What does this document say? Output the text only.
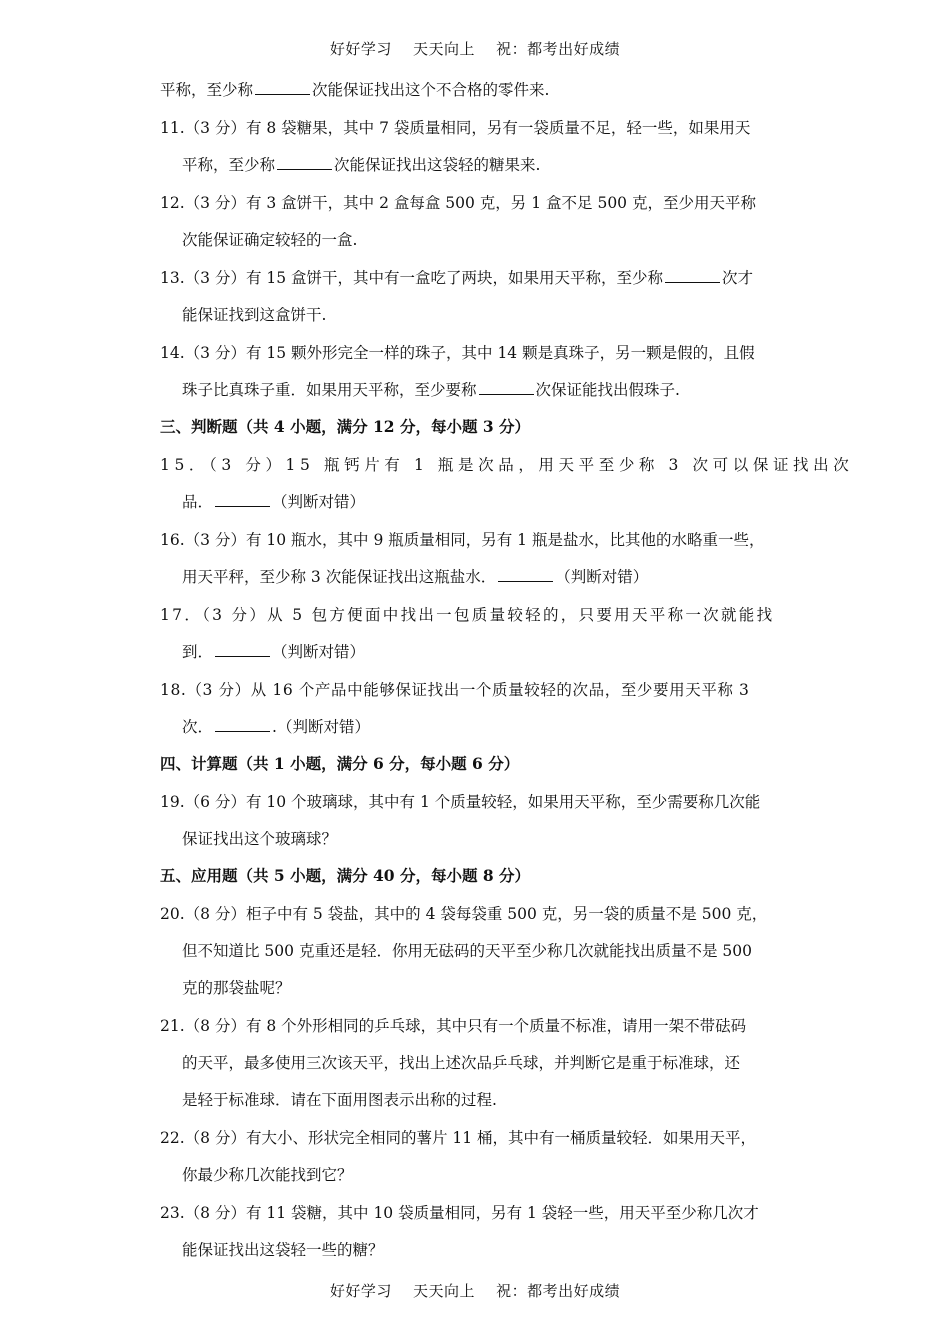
好好学习    天天向上    祝：都考出好成绩
平称，至少称	次能保证找出这个不合格的零件来.
11.（3 分）有 8 袋糖果，其中 7 袋质量相同，另有一袋质量不足，轻一些，如果用天
平称，至少称	次能保证找出这袋轻的糖果来.
12.（3 分）有 3 盒饼干，其中 2 盒每盒 500 克，另 1 盒不足 500 克，至少用天平称
次能保证确定较轻的一盒.
13.（3 分）有 15 盒饼干，其中有一盒吃了两块，如果用天平称，至少称	次才
能保证找到这盒饼干.
14.（3 分）有 15 颗外形完全一样的珠子，其中 14 颗是真珠子，另一颗是假的，且假
珠子比真珠子重．如果用天平称，至少要称	次保证能找出假珠子.
三、判断题（共 4 小题，满分 12 分，每小题 3 分）
15．（3 分）15 瓶钙片有 1 瓶是次品，用天平至少称 3 次可以保证找出次
品．	（判断对错）
16.（3 分）有 10 瓶水，其中 9 瓶质量相同，另有 1 瓶是盐水，比其他的水略重一些，
用天平秤，至少称 3 次能保证找出这瓶盐水．	（判断对错）
17．（3 分）从 5 包方便面中找出一包质量较轻的，只要用天平称一次就能找
到．	（判断对错）
18.（3 分）从 16 个产品中能够保证找出一个质量较轻的次品，至少要用天平称 3
次．	.（判断对错）
四、计算题（共 1 小题，满分 6 分，每小题 6 分）
19.（6 分）有 10 个玻璃球，其中有 1 个质量较轻，如果用天平称，至少需要称几次能
保证找出这个玻璃球？
五、应用题（共 5 小题，满分 40 分，每小题 8 分）
20.（8 分）柜子中有 5 袋盐，其中的 4 袋每袋重 500 克，另一袋的质量不是 500 克，
但不知道比 500 克重还是轻．你用无砝码的天平至少称几次就能找出质量不是 500
克的那袋盐呢？
21.（8 分）有 8 个外形相同的乒乓球，其中只有一个质量不标准，请用一架不带砝码
的天平，最多使用三次该天平，找出上述次品乒乓球，并判断它是重于标准球，还
是轻于标准球．请在下面用图表示出称的过程.
22.（8 分）有大小、形状完全相同的薯片 11 桶，其中有一桶质量较轻．如果用天平，
你最少称几次能找到它？
23.（8 分）有 11 袋糖，其中 10 袋质量相同，另有 1 袋轻一些，用天平至少称几次才
能保证找出这袋轻一些的糖？
好好学习    天天向上    祝：都考出好成绩
